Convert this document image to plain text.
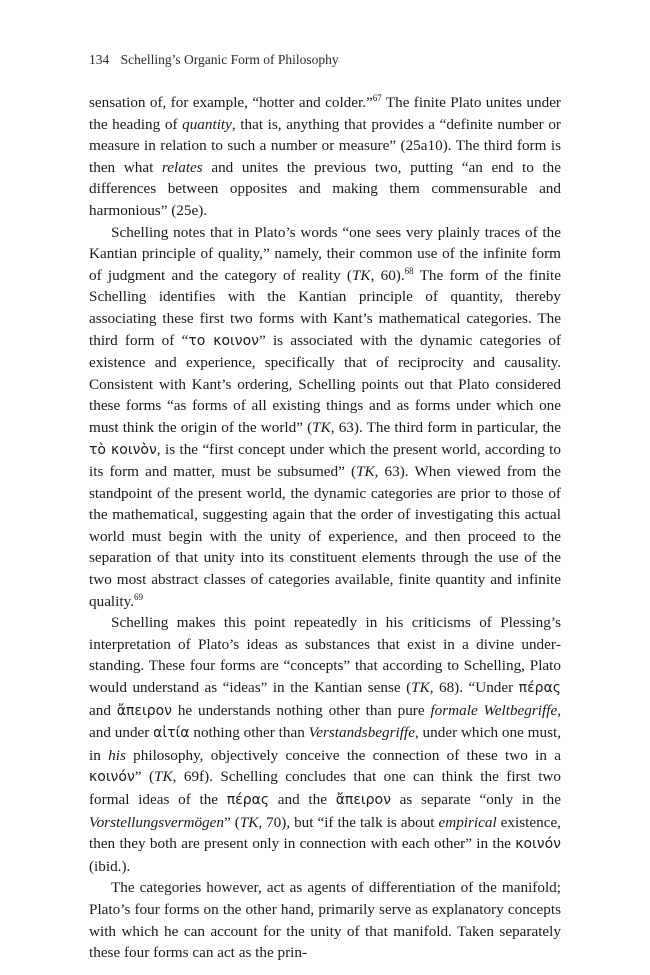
134 Schelling’s Organic Form of Philosophy

sensation of, for example, “hotter and colder.”$^{67}$ The finite Plato unites under the heading of quantity, that is, anything that provides a “definite number or measure in relation to such a number or measure” (25a10). The third form is then what relates and unites the previous two, putting “an end to the differences between opposites and making them commensurable and harmonious” (25e).

Schelling notes that in Plato’s words “one sees very plainly traces of the Kantian principle of quality,” namely, their common use of the infinite form of judgment and the category of reality (TK, 60).$^{68}$ The form of the finite Schelling identifies with the Kantian principle of quantity, thereby associating these first two forms with Kant’s mathematical categories. The third form of “το κοινον” is associated with the dynamic categories of existence and experience, specifically that of reciprocity and causality. Consistent with Kant’s ordering, Schelling points out that Plato considered these forms “as forms of all existing things and as forms under which one must think the origin of the world” (TK, 63). The third form in particular, the τὸ κοινὸν, is the “first concept under which the present world, according to its form and matter, must be subsumed” (TK, 63). When viewed from the standpoint of the present world, the dynamic categories are prior to those of the mathematical, suggesting again that the order of investigating this actual world must begin with the unity of experience, and then proceed to the separation of that unity into its constituent elements through the use of the two most abstract classes of categories available, finite quantity and infinite quality.$^{69}$

Schelling makes this point repeatedly in his criticisms of Plessing’s interpretation of Plato’s ideas as substances that exist in a divine understanding. These four forms are “concepts” that according to Schelling, Plato would understand as “ideas” in the Kantian sense (TK, 68). “Under πέρας and ἄπειρον he understands nothing other than pure formale Weltbegriffe, and under αἰτία nothing other than Verstandsbegriffe, under which one must, in his philosophy, objectively conceive the connection of these two in a κοινόν” (TK, 69f). Schelling concludes that one can think the first two formal ideas of the πέρας and the ἄπειρον as separate “only in the Vorstellungsvermögen” (TK, 70), but “if the talk is about empirical existence, then they both are present only in connection with each other” in the κοινόν (ibid.).

The categories however, act as agents of differentiation of the manifold; Plato’s four forms on the other hand, primarily serve as explanatory concepts with which he can account for the unity of that manifold. Taken separately these four forms can act as the prin-
